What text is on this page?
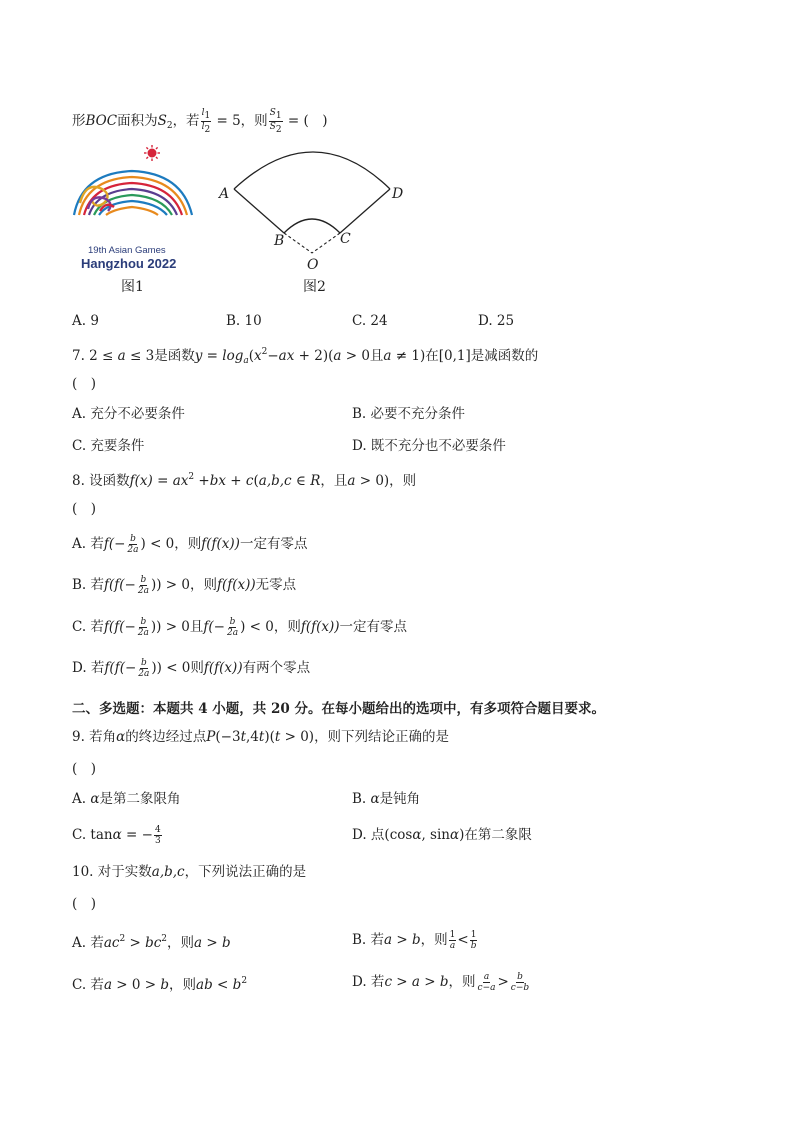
形BOC面积为$S_2$，若 $\frac{l1}{l2} = 5$，则 $\frac{S1}{S2}$ = (　)
19th Asian Games
Hangzhou 2022
A	D
B	C
O
图1	图2
A. 9	B. 10	C. 24	D. 25
7. 2 ≤ a ≤ 3是函数$y = \log_a(x^2-ax + 2)(a > 0$且a ≠ 1)在[0,1]是减函数的
(　)
A. 充分不必要条件	B. 必要不充分条件
C. 充要条件	D. 既不充分也不必要条件
8. 设函数$f(x) = ax^2 +bx + c(a,b,c$ ∈ R，且a > 0)，则
(　)
A. 若$f(- \frac{b}{2a}$ ) < 0，则f(f(x))一定有零点
B. 若$f(f(- \frac{b}{2a}$ )) > 0，则f(f(x))无零点
C. 若$f(f(- \frac{b}{2a}$ )) > 0且$f(- \frac{b}{2a}$ ) < 0，则f(f(x))一定有零点
D. 若$f(f(- \frac{b}{2a}$ )) < 0则f(f(x))有两个零点
二、多选题：本题共 4 小题，共 20 分。在每小题给出的选项中，有多项符合题目要求。
9. 若角α的终边经过点P(−3t,4t)(t > 0)，则下列结论正确的是
(　)
A. α是第二象限角	B. α是钝角
C. tanα = − $\frac{4}{3}$	D. 点(cosα, sinα)在第二象限
10. 对于实数a,b,c，下列说法正确的是
(　)
A. 若$ac^2 > bc^2$，则a > b	B. 若a > b，则 $\frac{1}{a} < \frac{1}{b}$
C. 若a > 0 > b，则ab < $b^2$	D. 若c > a > b，则 $\frac{a}{c-a} > \frac{b}{c-b}$
